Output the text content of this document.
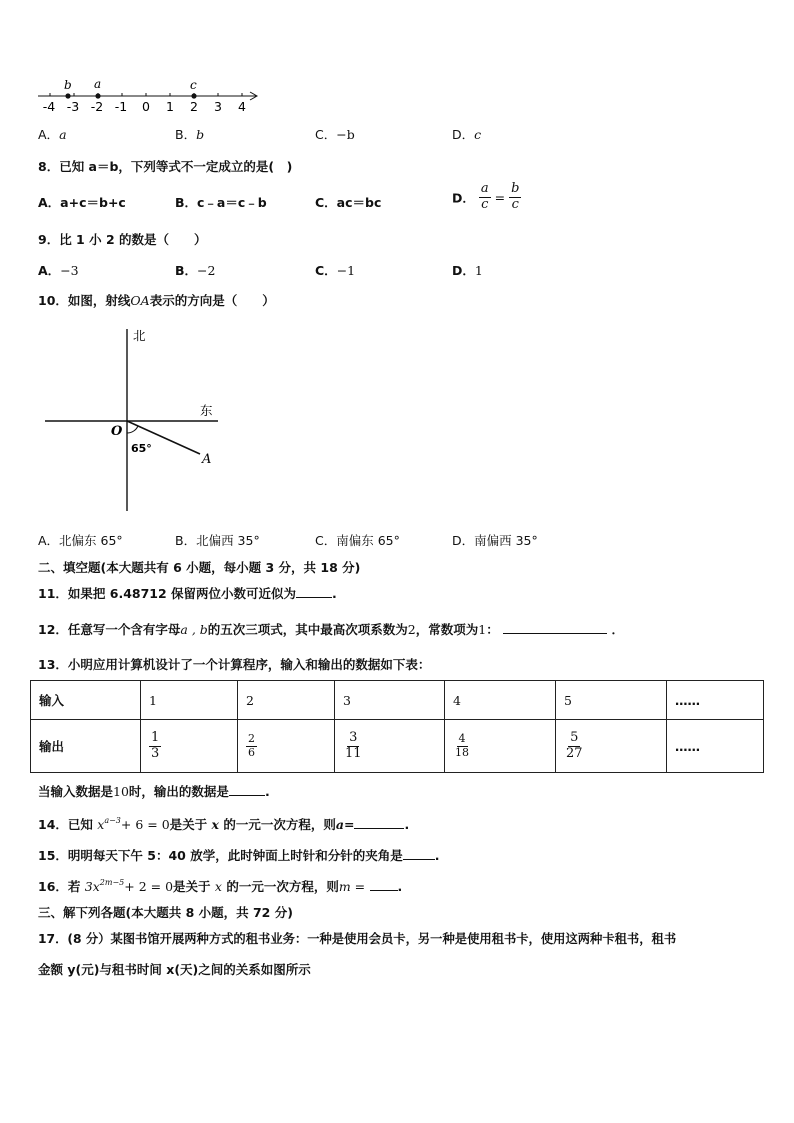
b a	c
-4 -3 -2 -1 0 1 2 3 4
A．a	B．b	C．−b	D．c
8．已知 a＝b，下列等式不一定成立的是(　)
A．a+c＝b+c	B．c﹣a＝c﹣b	C．ac＝bc	D． $\frac{a}{c} = \frac{b}{c}$
9．比 1 小 2 的数是（　　）
A．−3	B．−2	C．−1	D．1
10．如图，射线OA表示的方向是（　　）
北
东
O
65°
A
A．北偏东 65°	B．北偏西 35°	C．南偏东 65°	D．南偏西 35°
二、填空题(本大题共有 6 小题，每小题 3 分，共 18 分)
11．如果把 6.48712 保留两位小数可近似为	.
12．任意写一个含有字母a , b的五次三项式，其中最高次项系数为2，常数项为1：	．
13．小明应用计算机设计了一个计算程序，输入和输出的数据如下表：
输入	1	2	3	4	5	……
输出	$\frac{1}{3}$	$\frac{2}{6}$	$\frac{3}{11}$	$\frac{4}{18}$	$\frac{5}{27}$	……
当输入数据是10时，输出的数据是	.
14．已知 $x^{a-3}+ 6 = 0$是关于 x 的一元一次方程，则a=	.
15．明明每天下午 5：40 放学，此时钟面上时针和分针的夹角是	.
16．若 $3x^{2m-5}+ 2 = 0$是关于 x 的一元一次方程，则m =	.
三、解下列各题(本大题共 8 小题，共 72 分)
17．(8 分）某图书馆开展两种方式的租书业务：一种是使用会员卡，另一种是使用租书卡，使用这两种卡租书，租书
金额 y(元)与租书时间 x(天)之间的关系如图所示
